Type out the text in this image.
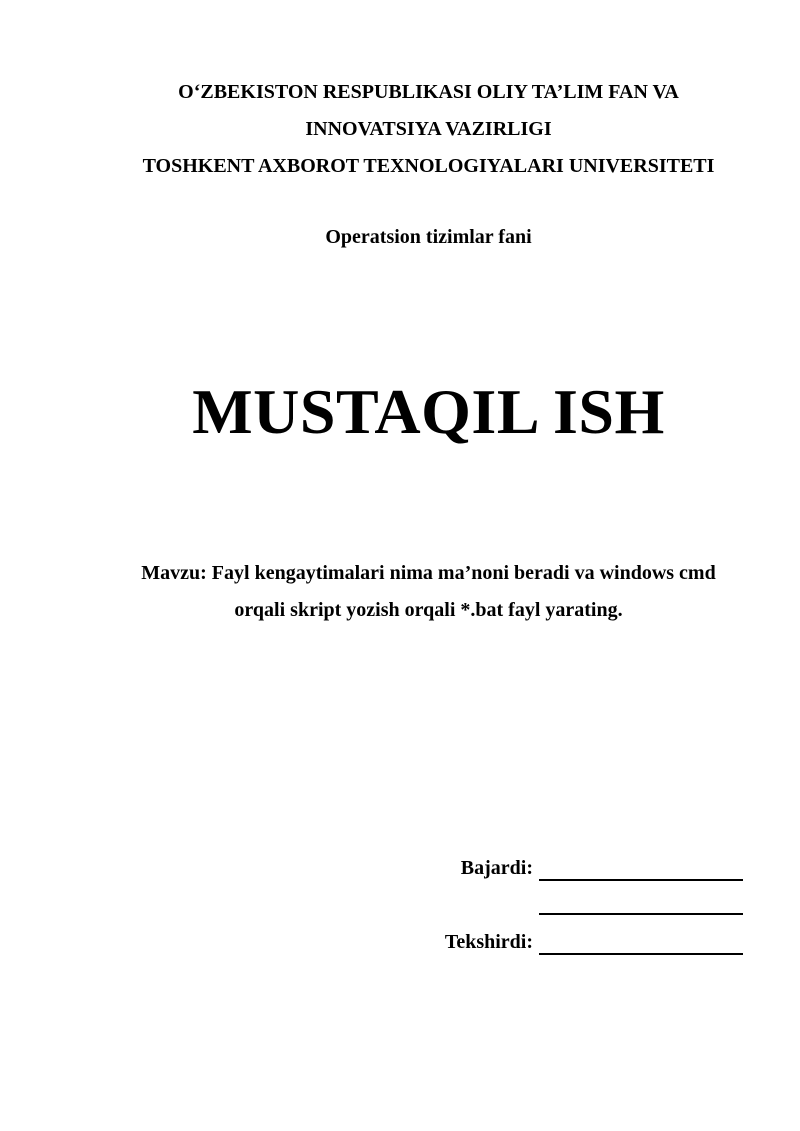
O‘ZBEKISTON RESPUBLIKASI OLIY TA’LIM FAN VA
INNOVATSIYA VAZIRLIGI
TOSHKENT AXBOROT TEXNOLOGIYALARI UNIVERSITETI
Operatsion tizimlar fani
MUSTAQIL ISH
Mavzu: Fayl kengaytimalari nima ma’noni beradi va windows cmd
orqali skript yozish orqali *.bat fayl yarating.
Bajardi:
Tekshirdi:
